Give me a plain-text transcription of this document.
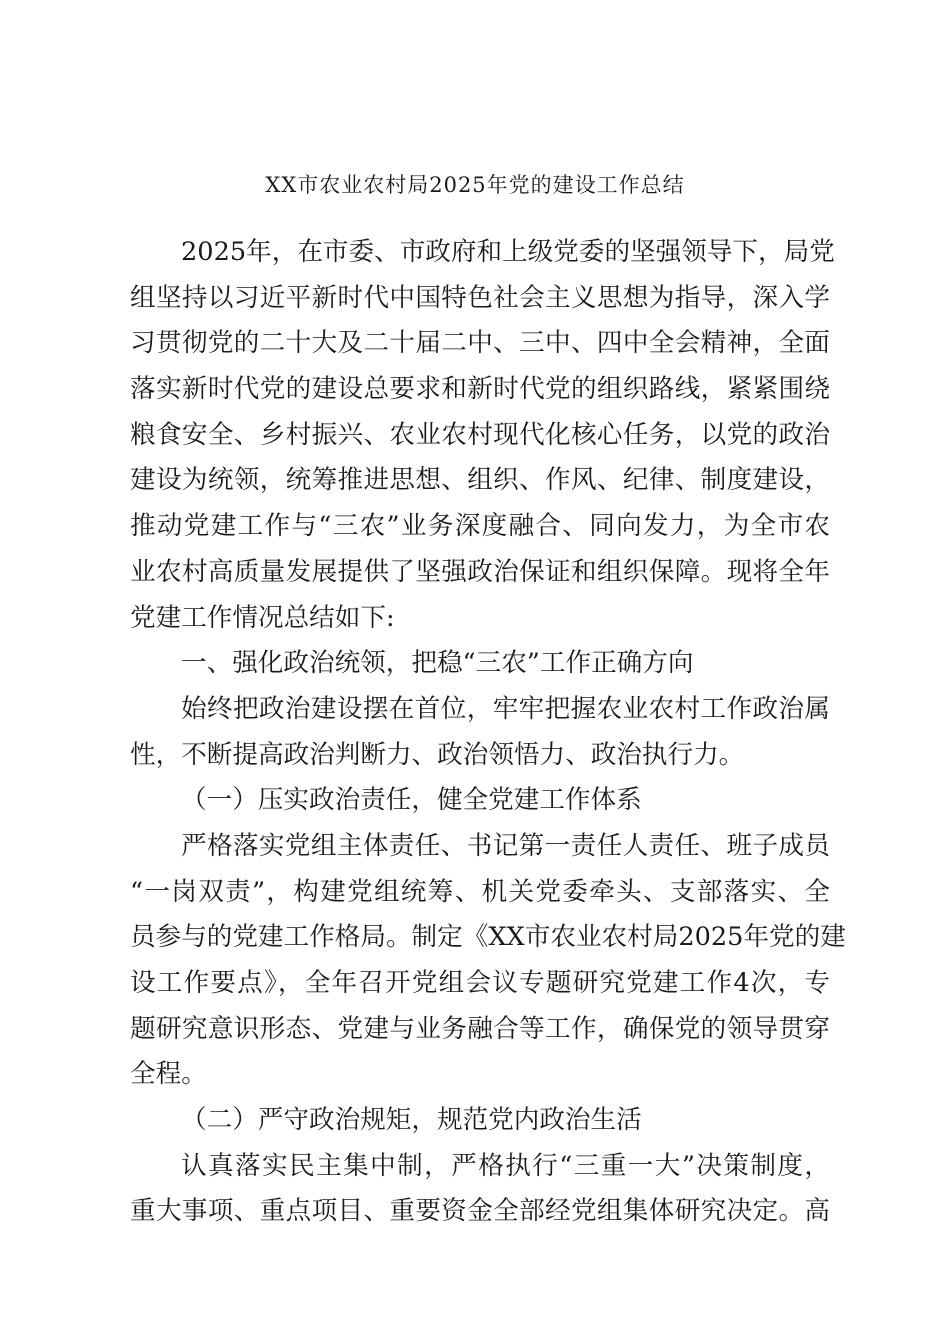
XX市农业农村局2025年党的建设工作总结
2025年，在市委、市政府和上级党委的坚强领导下，局党
组坚持以习近平新时代中国特色社会主义思想为指导，深入学
习贯彻党的二十大及二十届二中、三中、四中全会精神，全面
落实新时代党的建设总要求和新时代党的组织路线，紧紧围绕
粮食安全、乡村振兴、农业农村现代化核心任务，以党的政治
建设为统领，统筹推进思想、组织、作风、纪律、制度建设，
推动党建工作与“三农”业务深度融合、同向发力，为全市农
业农村高质量发展提供了坚强政治保证和组织保障。现将全年
党建工作情况总结如下:
一、强化政治统领，把稳“三农”工作正确方向
始终把政治建设摆在首位，牢牢把握农业农村工作政治属
性，不断提高政治判断力、政治领悟力、政治执行力。
（一）压实政治责任，健全党建工作体系
严格落实党组主体责任、书记第一责任人责任、班子成员
“一岗双责”，构建党组统筹、机关党委牵头、支部落实、全
员参与的党建工作格局。制定《XX市农业农村局2025年党的建
设工作要点》，全年召开党组会议专题研究党建工作4次，专
题研究意识形态、党建与业务融合等工作，确保党的领导贯穿
全程。
（二）严守政治规矩，规范党内政治生活
认真落实民主集中制，严格执行“三重一大”决策制度，
重大事项、重点项目、重要资金全部经党组集体研究决定。高
